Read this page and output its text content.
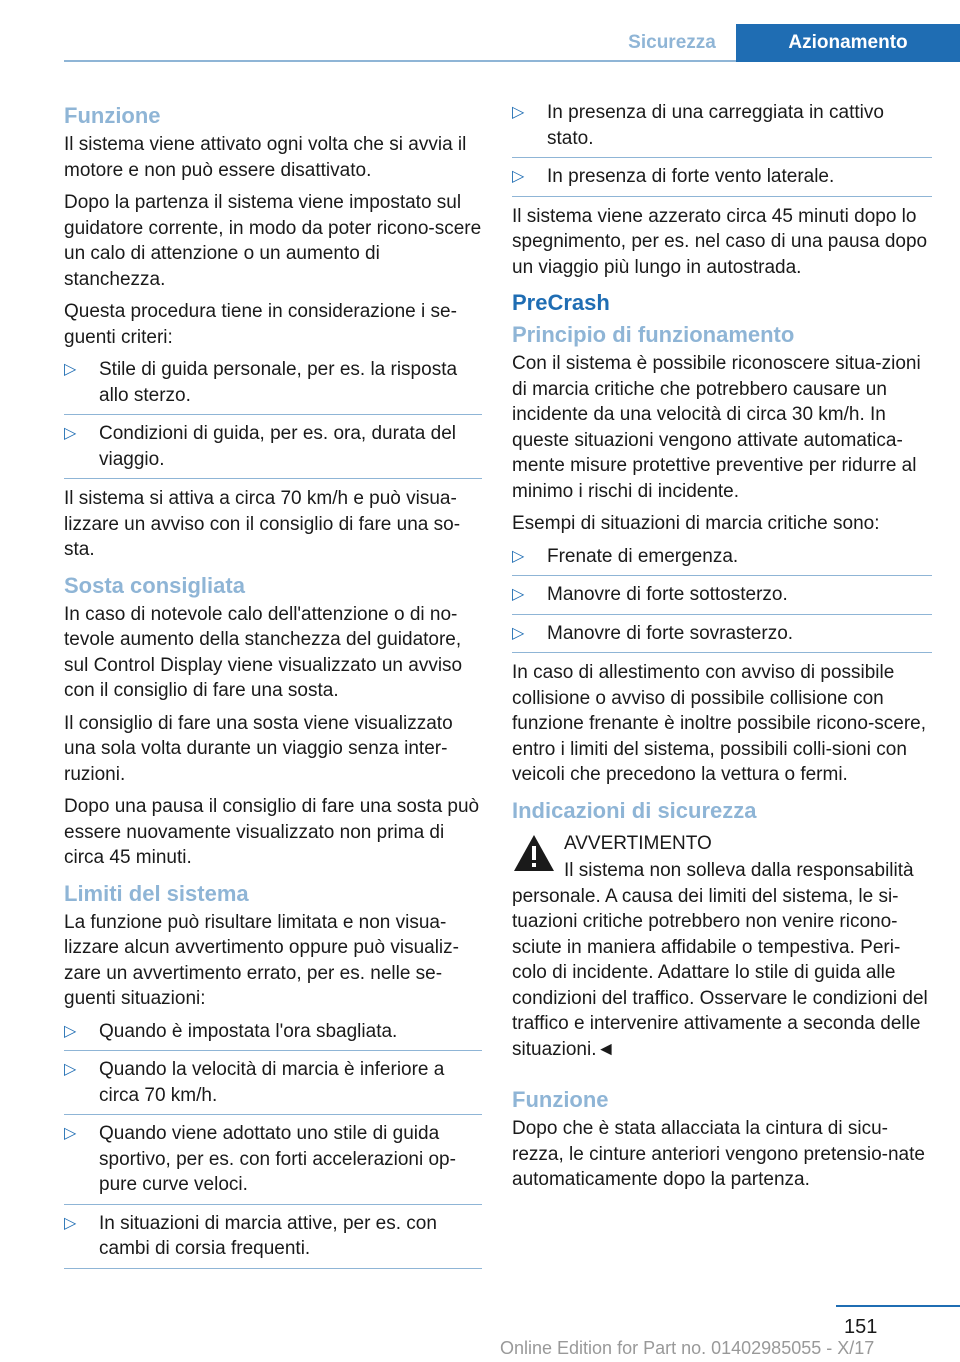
Sicurezza	Azionamento
Funzione

Il sistema viene attivato ogni volta che si avvia il motore e non può essere disattivato.

Dopo la partenza il sistema viene impostato sul guidatore corrente, in modo da poter ricono-scere un calo di attenzione o un aumento di stanchezza.

Questa procedura tiene in considerazione i se-guenti criteri:

▷ Stile di guida personale, per es. la risposta allo sterzo.
▷ Condizioni di guida, per es. ora, durata del viaggio.

Il sistema si attiva a circa 70 km/h e può visua-lizzare un avviso con il consiglio di fare una so-sta.

Sosta consigliata

In caso di notevole calo dell'attenzione o di no-tevole aumento della stanchezza del guidatore, sul Control Display viene visualizzato un avviso con il consiglio di fare una sosta.

Il consiglio di fare una sosta viene visualizzato una sola volta durante un viaggio senza inter-ruzioni.

Dopo una pausa il consiglio di fare una sosta può essere nuovamente visualizzato non prima di circa 45 minuti.

Limiti del sistema

La funzione può risultare limitata e non visua-lizzare alcun avvertimento oppure può visualiz-zare un avvertimento errato, per es. nelle se-guenti situazioni:

▷ Quando è impostata l'ora sbagliata.
▷ Quando la velocità di marcia è inferiore a circa 70 km/h.
▷ Quando viene adottato uno stile di guida sportivo, per es. con forti accelerazioni op-pure curve veloci.
▷ In situazioni di marcia attive, per es. con cambi di corsia frequenti.
▷ In presenza di una carreggiata in cattivo stato.
▷ In presenza di forte vento laterale.

Il sistema viene azzerato circa 45 minuti dopo lo spegnimento, per es. nel caso di una pausa dopo un viaggio più lungo in autostrada.

PreCrash
Principio di funzionamento

Con il sistema è possibile riconoscere situa-zioni di marcia critiche che potrebbero causare un incidente da una velocità di circa 30 km/h. In queste situazioni vengono attivate automatica-mente misure protettive preventive per ridurre al minimo i rischi di incidente.

Esempi di situazioni di marcia critiche sono:

▷ Frenate di emergenza.
▷ Manovre di forte sottosterzo.
▷ Manovre di forte sovrasterzo.

In caso di allestimento con avviso di possibile collisione o avviso di possibile collisione con funzione frenante è inoltre possibile ricono-scere, entro i limiti del sistema, possibili colli-sioni con veicoli che precedono la vettura o fermi.

Indicazioni di sicurezza
AVVERTIMENTO

Il sistema non solleva dalla responsabilità personale. A causa dei limiti del sistema, le si-tuazioni critiche potrebbero non venire ricono-sciute in maniera affidabile o tempestiva. Peri-colo di incidente. Adattare lo stile di guida alle condizioni del traffico. Osservare le condizioni del traffico e intervenire attivamente a seconda delle situazioni.◄

Funzione

Dopo che è stata allacciata la cintura di sicu-rezza, le cinture anteriori vengono pretensio-nate automaticamente dopo la partenza.

151
Online Edition for Part no. 01402985055 - X/17
